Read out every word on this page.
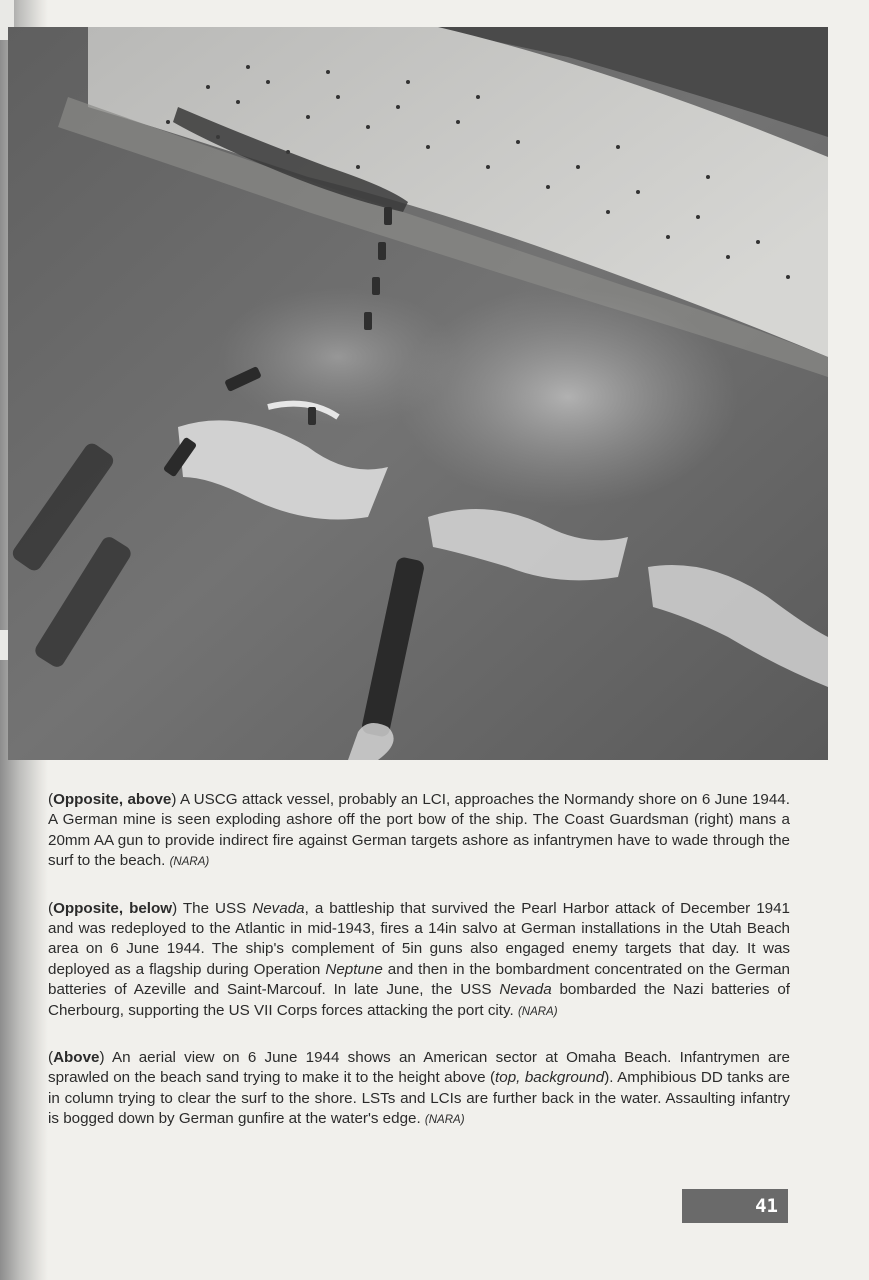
(Opposite, above) A USCG attack vessel, probably an LCI, approaches the Normandy shore on 6 June 1944. A German mine is seen exploding ashore off the port bow of the ship. The Coast Guardsman (right) mans a 20mm AA gun to provide indirect fire against German targets ashore as infantrymen have to wade through the surf to the beach. (NARA)

(Opposite, below) The USS Nevada, a battleship that survived the Pearl Harbor attack of December 1941 and was redeployed to the Atlantic in mid-1943, fires a 14in salvo at German installations in the Utah Beach area on 6 June 1944. The ship's complement of 5in guns also engaged enemy targets that day. It was deployed as a flagship during Operation Neptune and then in the bombardment concentrated on the German batteries of Azeville and Saint-Marcouf. In late June, the USS Nevada bombarded the Nazi batteries of Cherbourg, supporting the US VII Corps forces attacking the port city. (NARA)

(Above) An aerial view on 6 June 1944 shows an American sector at Omaha Beach. Infantrymen are sprawled on the beach sand trying to make it to the height above (top, background). Amphibious DD tanks are in column trying to clear the surf to the shore. LSTs and LCIs are further back in the water. Assaulting infantry is bogged down by German gunfire at the water's edge. (NARA)

41
